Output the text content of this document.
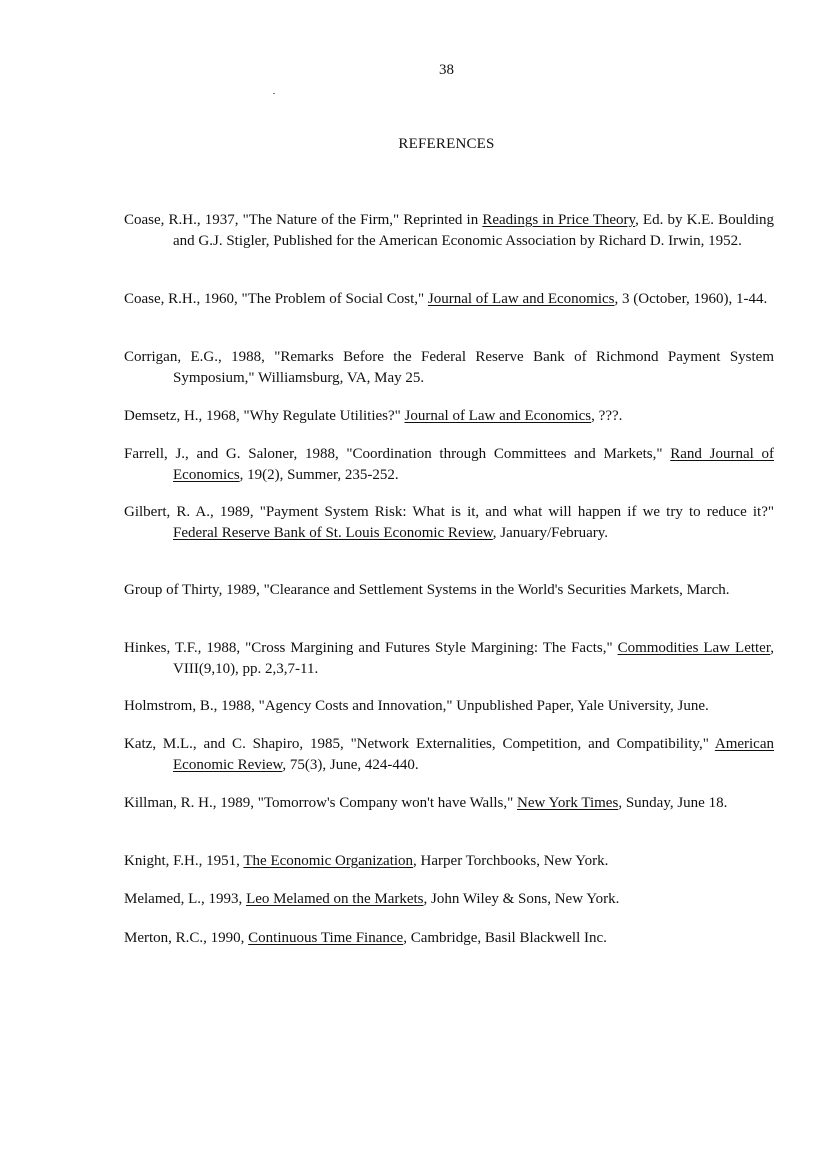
38
REFERENCES
Coase, R.H., 1937, "The Nature of the Firm," Reprinted in Readings in Price Theory, Ed. by K.E. Boulding and G.J. Stigler, Published for the American Economic Association by Richard D. Irwin, 1952.
Coase, R.H., 1960, "The Problem of Social Cost," Journal of Law and Economics, 3 (October, 1960), 1-44.
Corrigan, E.G., 1988, "Remarks Before the Federal Reserve Bank of Richmond Payment System Symposium," Williamsburg, VA, May 25.
Demsetz, H., 1968, "Why Regulate Utilities?" Journal of Law and Economics, ???.
Farrell, J., and G. Saloner, 1988, "Coordination through Committees and Markets," Rand Journal of Economics, 19(2), Summer, 235-252.
Gilbert, R. A., 1989, "Payment System Risk: What is it, and what will happen if we try to reduce it?" Federal Reserve Bank of St. Louis Economic Review, January/February.
Group of Thirty, 1989, "Clearance and Settlement Systems in the World's Securities Markets, March.
Hinkes, T.F., 1988, "Cross Margining and Futures Style Margining: The Facts," Commodities Law Letter, VIII(9,10), pp. 2,3,7-11.
Holmstrom, B., 1988, "Agency Costs and Innovation," Unpublished Paper, Yale University, June.
Katz, M.L., and C. Shapiro, 1985, "Network Externalities, Competition, and Compatibility," American Economic Review, 75(3), June, 424-440.
Killman, R. H., 1989, "Tomorrow's Company won't have Walls," New York Times, Sunday, June 18.
Knight, F.H., 1951, The Economic Organization, Harper Torchbooks, New York.
Melamed, L., 1993, Leo Melamed on the Markets, John Wiley & Sons, New York.
Merton, R.C., 1990, Continuous Time Finance, Cambridge, Basil Blackwell Inc.
